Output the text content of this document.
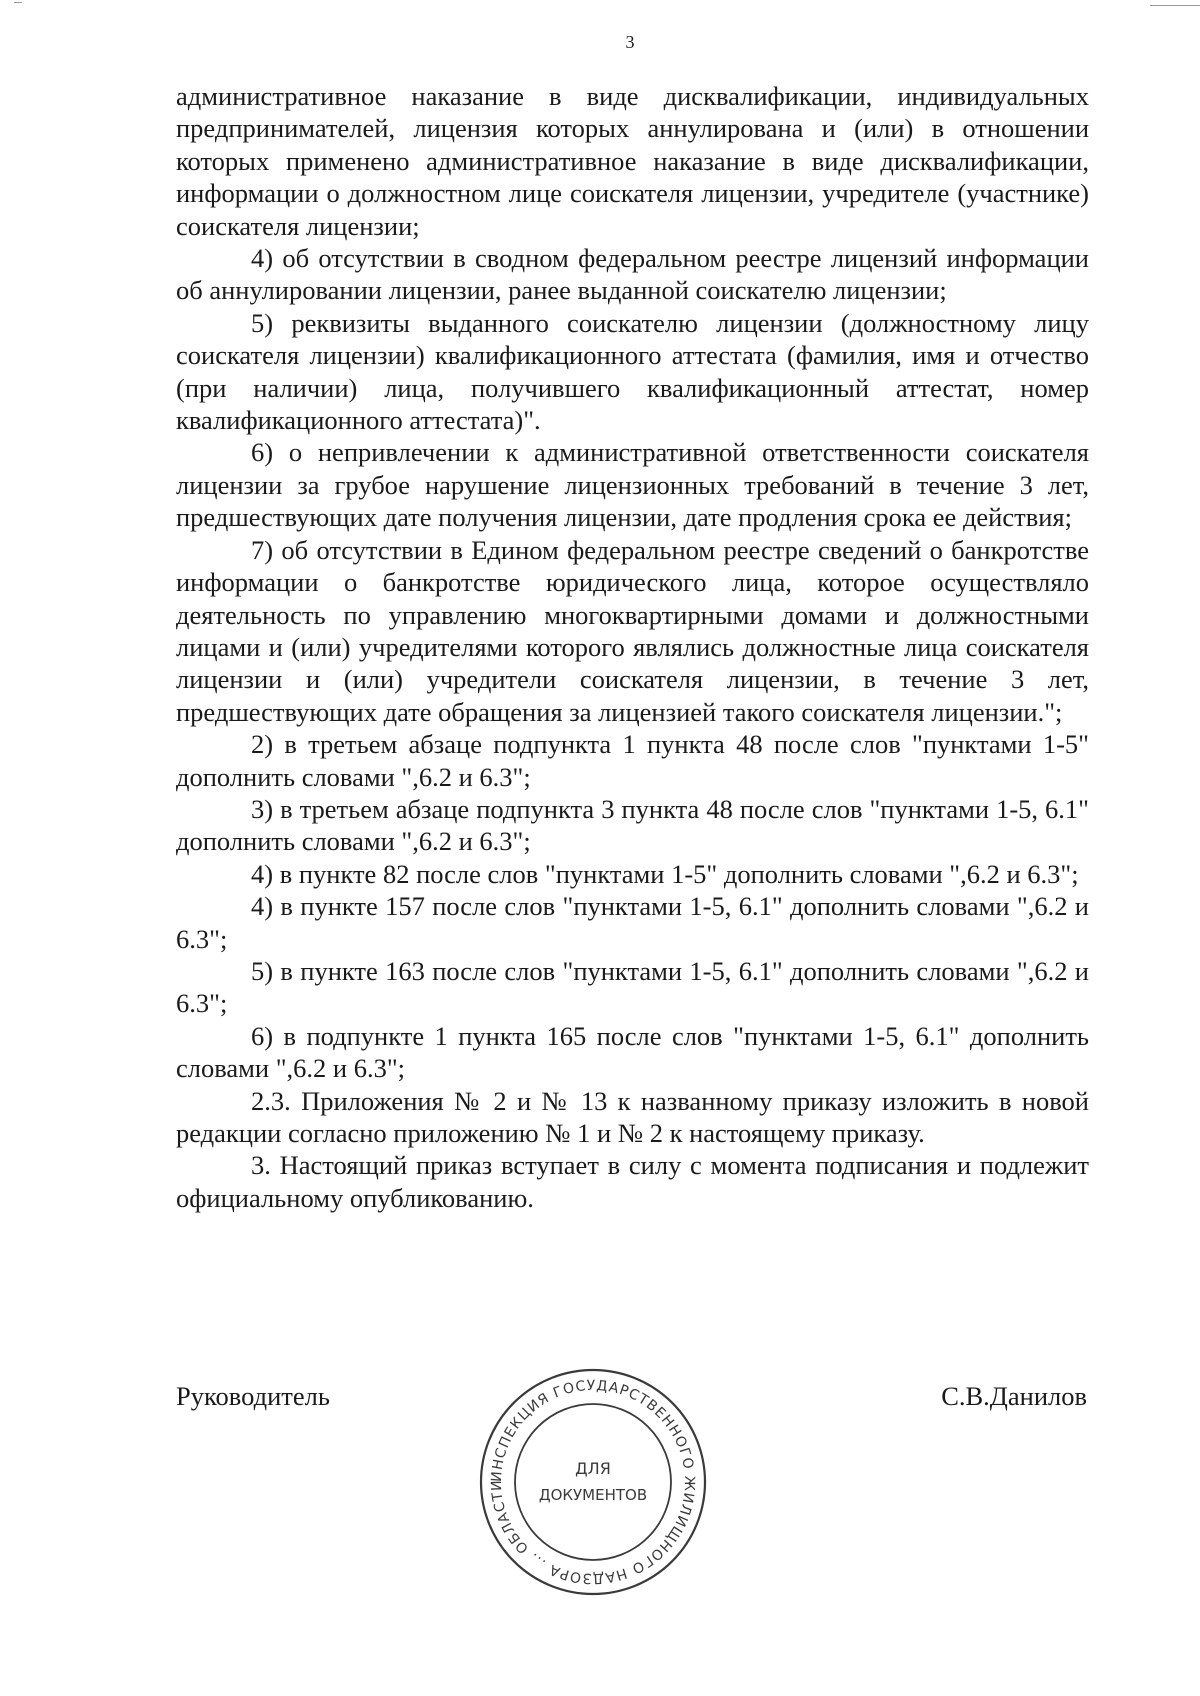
3

административное наказание в виде дисквалификации, индивидуальных предпринимателей, лицензия которых аннулирована и (или) в отношении которых применено административное наказание в виде дисквалификации, информации о должностном лице соискателя лицензии, учредителе (участнике) соискателя лицензии;

4) об отсутствии в сводном федеральном реестре лицензий информации об аннулировании лицензии, ранее выданной соискателю лицензии;

5) реквизиты выданного соискателю лицензии (должностному лицу соискателя лицензии) квалификационного аттестата (фамилия, имя и отчество (при наличии) лица, получившего квалификационный аттестат, номер квалификационного аттестата)".

6) о непривлечении к административной ответственности соискателя лицензии за грубое нарушение лицензионных требований в течение 3 лет, предшествующих дате получения лицензии, дате продления срока ее действия;

7) об отсутствии в Едином федеральном реестре сведений о банкротстве информации о банкротстве юридического лица, которое осуществляло деятельность по управлению многоквартирными домами и должностными лицами и (или) учредителями которого являлись должностные лица соискателя лицензии и (или) учредители соискателя лицензии, в течение 3 лет, предшествующих дате обращения за лицензией такого соискателя лицензии.";

2) в третьем абзаце подпункта 1 пункта 48 после слов "пунктами 1-5" дополнить словами ",6.2 и 6.3";

3) в третьем абзаце подпункта 3 пункта 48 после слов "пунктами 1-5, 6.1" дополнить словами ",6.2 и 6.3";

4) в пункте 82 после слов "пунктами 1-5" дополнить словами ",6.2 и 6.3";

4) в пункте 157 после слов "пунктами 1-5, 6.1" дополнить словами ",6.2 и 6.3";

5) в пункте 163 после слов "пунктами 1-5, 6.1" дополнить словами ",6.2 и 6.3";

6) в подпункте 1 пункта 165 после слов "пунктами 1-5, 6.1" дополнить словами ",6.2 и 6.3";

2.3. Приложения № 2 и № 13 к названному приказу изложить в новой редакции согласно приложению № 1 и № 2 к настоящему приказу.

3. Настоящий приказ вступает в силу с момента подписания и подлежит официальному опубликованию.

Руководитель	С.В.Данилов
ИНСПЕКЦИЯ ГОСУДАРСТВЕННОГО ЖИЛИЩНОГО НАДЗОРА ... ОБЛАСТИ
ДЛЯ
ДОКУМЕНТОВ
